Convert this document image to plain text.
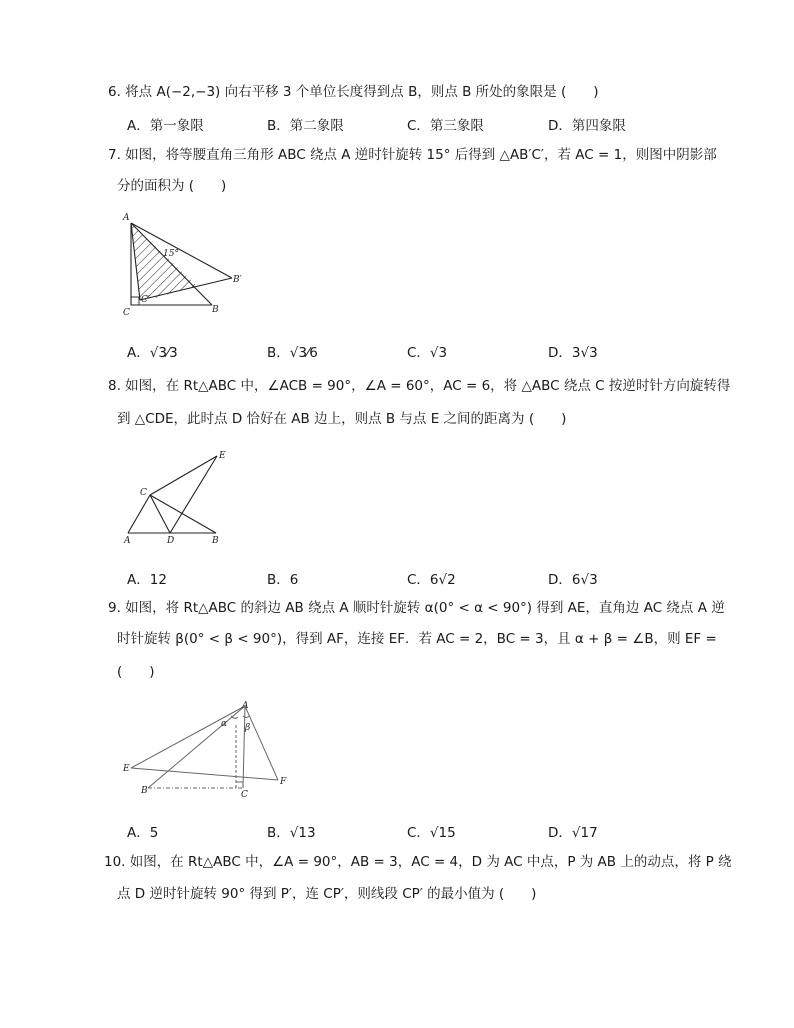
6. 将点 A(−2,−3) 向右平移 3 个单位长度得到点 B，则点 B 所处的象限是 (　　)
A．第一象限	B．第二象限	C．第三象限	D．第四象限
7. 如图，将等腰直角三角形 ABC 绕点 A 逆时针旋转 15° 后得到 △AB′C′，若 AC = 1，则图中阴影部
分的面积为 (　　)
A
15°
B′
C′
C	B
A．√3⁄3	B．√3⁄6	C．√3	D．3√3
8. 如图，在 Rt△ABC 中，∠ACB = 90°，∠A = 60°，AC = 6，将 △ABC 绕点 C 按逆时针方向旋转得
到 △CDE，此时点 D 恰好在 AB 边上，则点 B 与点 E 之间的距离为 (　　)
E
C
A	D	B
A．12	B．6	C．6√2	D．6√3
9. 如图，将 Rt△ABC 的斜边 AB 绕点 A 顺时针旋转 α(0° < α < 90°) 得到 AE，直角边 AC 绕点 A 逆
时针旋转 β(0° < β < 90°)，得到 AF，连接 EF．若 AC = 2，BC = 3，且 α + β = ∠B，则 EF =
(　　)
A
α β
E
F
B	C
A．5	B．√13	C．√15	D．√17
10. 如图，在 Rt△ABC 中，∠A = 90°，AB = 3，AC = 4，D 为 AC 中点，P 为 AB 上的动点，将 P 绕
点 D 逆时针旋转 90° 得到 P′，连 CP′，则线段 CP′ 的最小值为 (　　)
